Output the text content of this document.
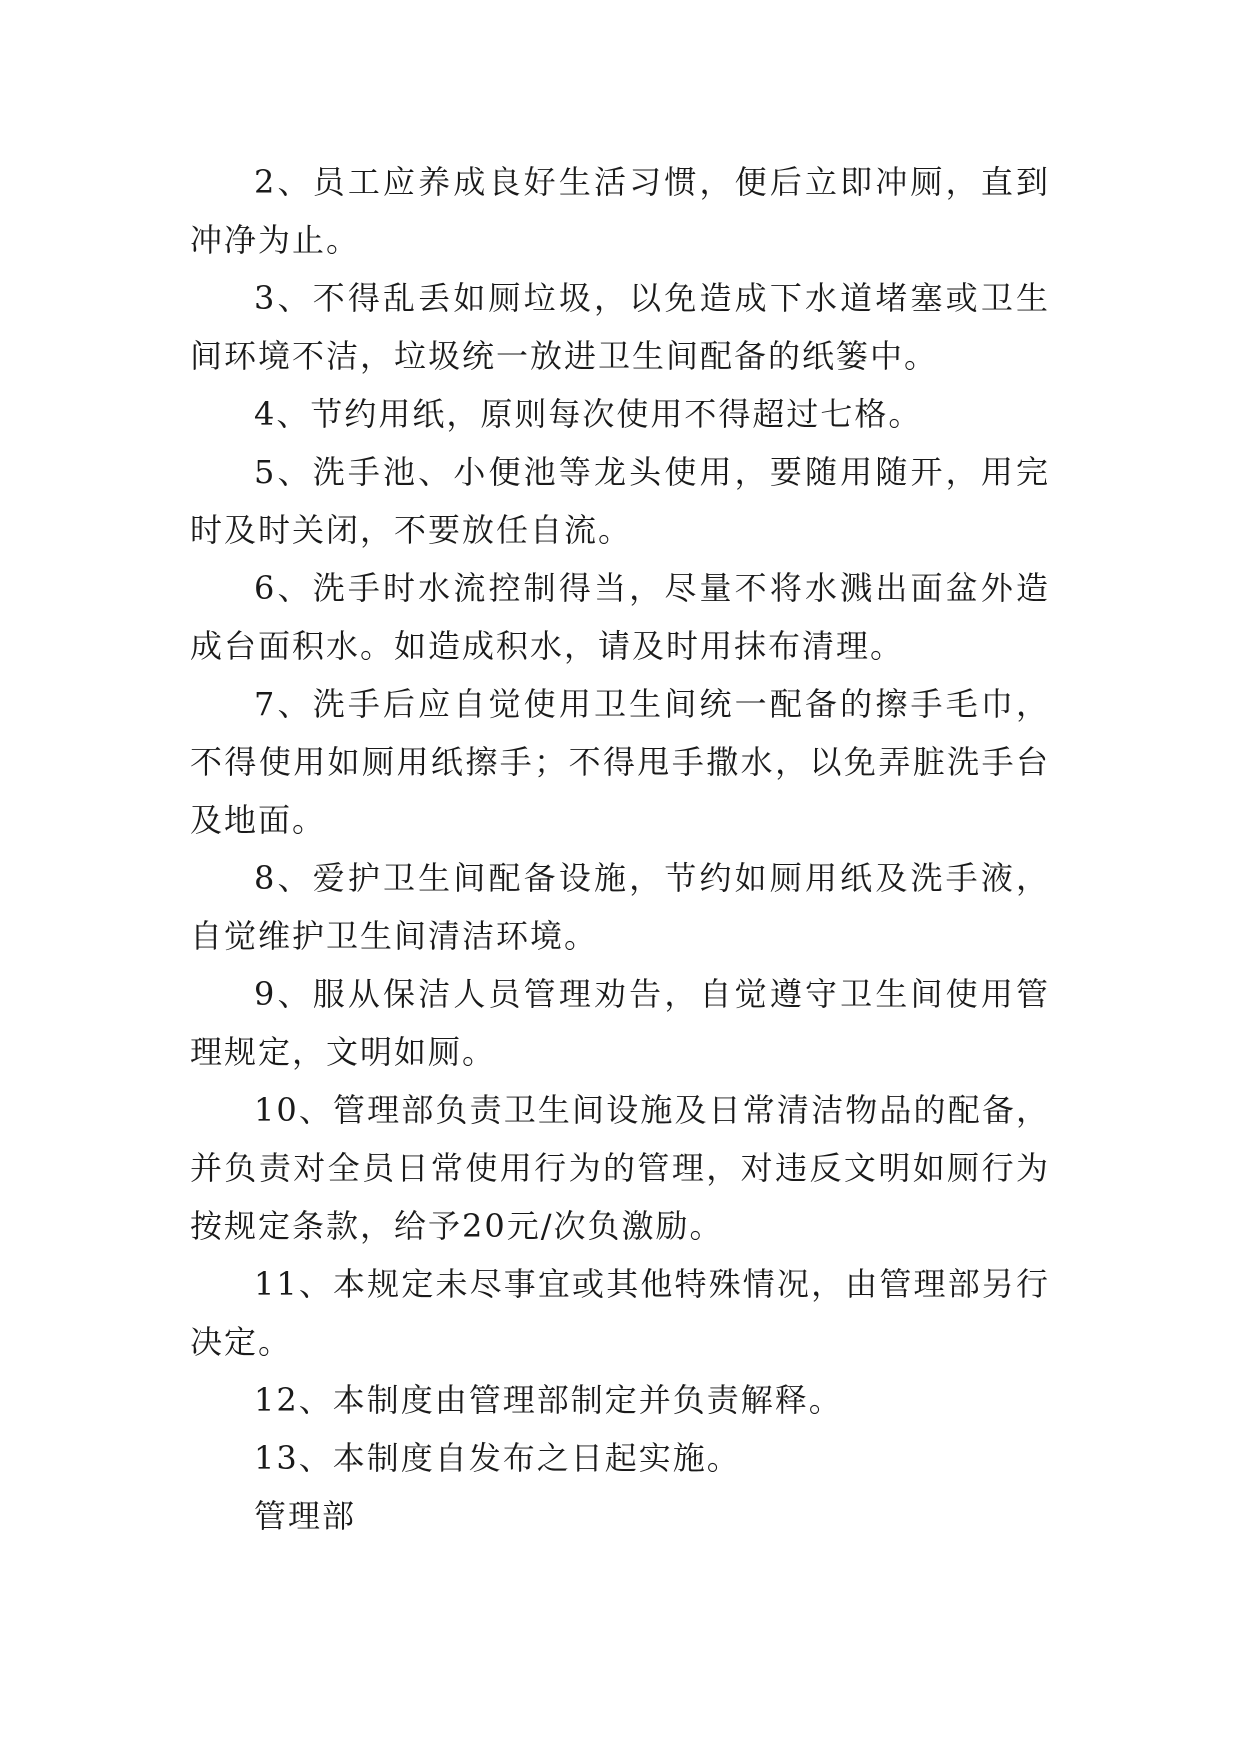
2、员工应养成良好生活习惯，便后立即冲厕，直到冲净为止。

3、不得乱丢如厕垃圾，以免造成下水道堵塞或卫生间环境不洁，垃圾统一放进卫生间配备的纸篓中。

4、节约用纸，原则每次使用不得超过七格。

5、洗手池、小便池等龙头使用，要随用随开，用完时及时关闭，不要放任自流。

6、洗手时水流控制得当，尽量不将水溅出面盆外造成台面积水。如造成积水，请及时用抹布清理。

7、洗手后应自觉使用卫生间统一配备的擦手毛巾，不得使用如厕用纸擦手；不得甩手撒水，以免弄脏洗手台及地面。

8、爱护卫生间配备设施，节约如厕用纸及洗手液，自觉维护卫生间清洁环境。

9、服从保洁人员管理劝告，自觉遵守卫生间使用管理规定，文明如厕。

10、管理部负责卫生间设施及日常清洁物品的配备，并负责对全员日常使用行为的管理，对违反文明如厕行为按规定条款，给予20元/次负激励。

11、本规定未尽事宜或其他特殊情况，由管理部另行决定。

12、本制度由管理部制定并负责解释。

13、本制度自发布之日起实施。

管理部
